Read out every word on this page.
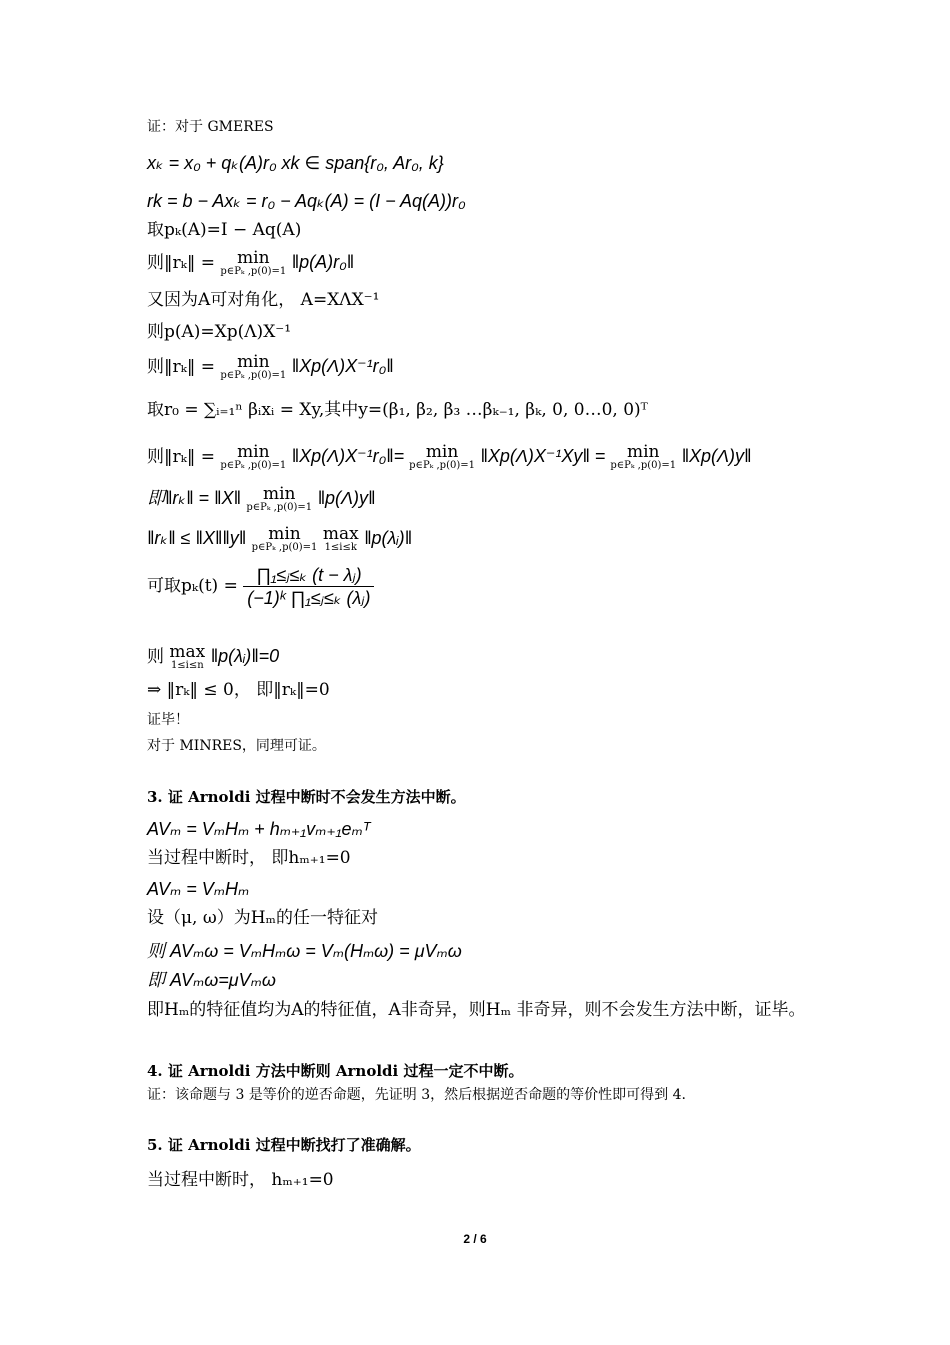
证：对于 GMERES
xₖ = x₀ + qₖ(A)r₀ xk ∈ span{r₀, Ar₀, k}
rk = b − Axₖ = r₀ − Aqₖ(A) = (I − Aq(A))r₀
取pₖ(A)=I − Aq(A)
则‖rₖ‖ = min
p∈Pₖ ,p(0)=1 ‖p(A)r₀‖
又因为A可对角化， A=XΛX⁻¹
则p(A)=Xp(Λ)X⁻¹
则‖rₖ‖ = min
p∈Pₖ ,p(0)=1 ‖Xp(Λ)X⁻¹r₀‖
取r₀ = ∑ᵢ₌₁ⁿ βᵢxᵢ = Xy,其中y=(β₁, β₂, β₃ …βₖ₋₁, βₖ, 0, 0…0, 0)ᵀ
则‖rₖ‖ = min
p∈Pₖ ,p(0)=1 ‖Xp(Λ)X⁻¹r₀‖= min
p∈Pₖ ,p(0)=1 ‖Xp(Λ)X⁻¹Xy‖ = min
p∈Pₖ ,p(0)=1 ‖Xp(Λ)y‖
即‖rₖ‖ = ‖X‖	min
p∈Pₖ ,p(0)=1 ‖p(Λ)y‖
‖rₖ‖ ≤ ‖X‖‖y‖	min
p∈Pₖ ,p(0)=1

max
1≤i≤k ‖p(λᵢ)‖
可取$p_k(t) = \frac{\text{∏₁≤ⱼ≤ₖ (t − λⱼ)}}{\text{(−1)ᵏ ∏₁≤ⱼ≤ₖ (λⱼ)}}$
则 max
1≤i≤n ‖p(λᵢ)‖=0
⇒ ‖rₖ‖ ≤ 0， 即‖rₖ‖=0
证毕！
对于 MINRES，同理可证。
3. 证 Arnoldi 过程中断时不会发生方法中断。
AVₘ = VₘHₘ + hₘ₊₁vₘ₊₁eₘᵀ
当过程中断时， 即hₘ₊₁=0
AVₘ = VₘHₘ
设（μ, ω）为Hₘ的任一特征对
则 AVₘω = VₘHₘω = Vₘ(Hₘω) = μVₘω
即 AVₘω=μVₘω
即Hₘ的特征值均为A的特征值，A非奇异，则Hₘ 非奇异，则不会发生方法中断，证毕。
4. 证 Arnoldi 方法中断则 Arnoldi 过程一定不中断。
证：该命题与 3 是等价的逆否命题，先证明 3，然后根据逆否命题的等价性即可得到 4.
5. 证 Arnoldi 过程中断找打了准确解。
当过程中断时， hₘ₊₁=0
2 / 6
